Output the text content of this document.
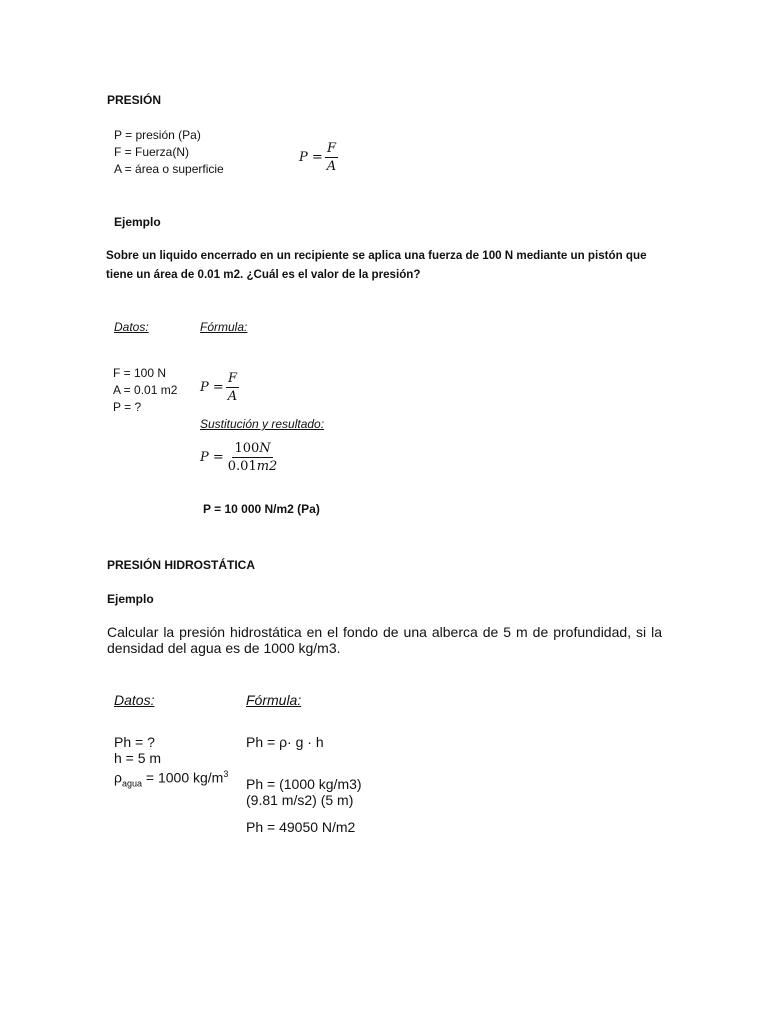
PRESIÓN
P = presión (Pa)
F = Fuerza(N)
A = área o superficie
$P = \frac{F}{A}$
Ejemplo
Sobre un liquido encerrado en un recipiente se aplica una fuerza de 100 N mediante un pistón que
tiene un área de 0.01 m2. ¿Cuál es el valor de la presión?
Datos:	Fórmula:
F = 100 N
A = 0.01 m2
P = ?
$P = \frac{F}{A}$
Sustitución y resultado:
$P = \frac{100N}{0.01m2}$
P = 10 000 N/m2 (Pa)
PRESIÓN HIDROSTÁTICA
Ejemplo
Calcular la presión hidrostática en el fondo de una alberca de 5 m de profundidad, si la densidad del agua es de 1000 kg/m3.
Datos:	Fórmula:
Ph = ?
h = 5 m
$\rho_{agua} = 1000$ $kg/m^3$
Ph = ρ· g · h
Ph = (1000 kg/m3)
(9.81 m/s2) (5 m)
Ph = 49050 N/m2
